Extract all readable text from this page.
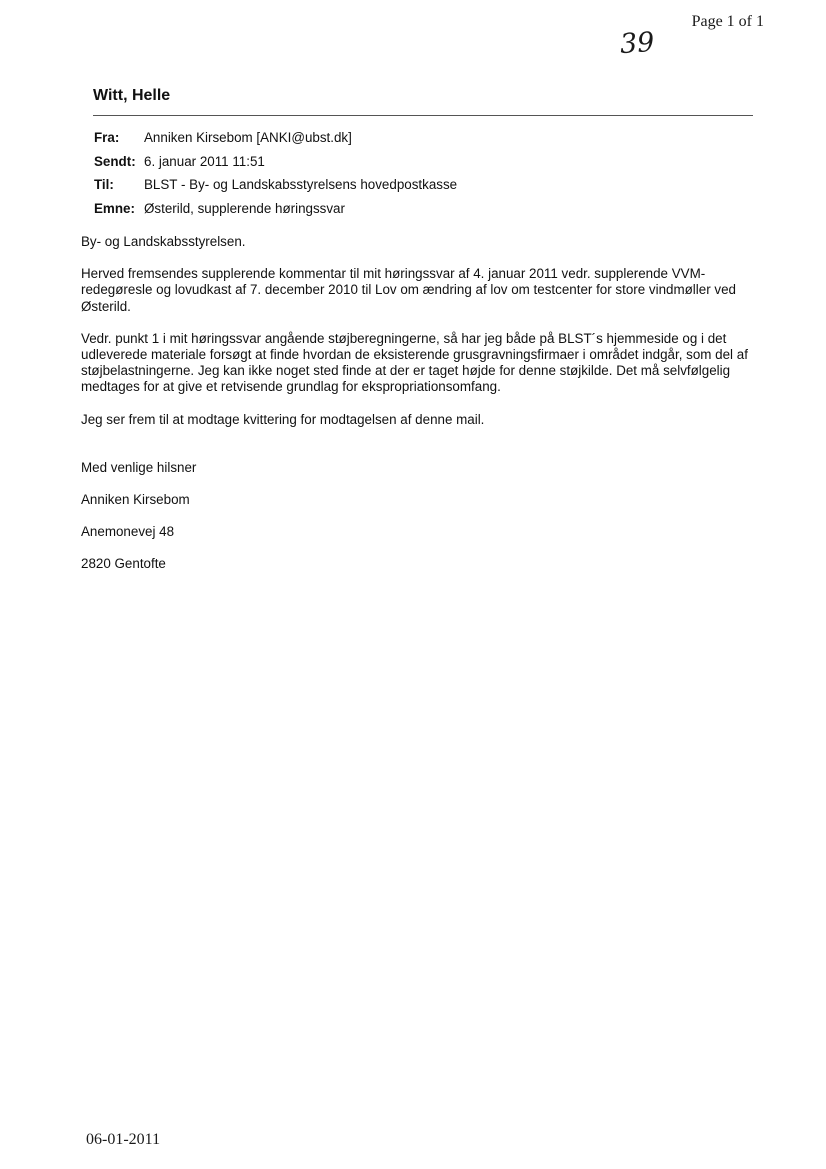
Page 1 of 1
39
Witt, Helle
Fra:	Anniken Kirsebom [ANKI@ubst.dk]
Sendt: 6. januar 2011 11:51
Til:	BLST - By- og Landskabsstyrelsens hovedpostkasse
Emne: Østerild, supplerende høringssvar

By- og Landskabsstyrelsen.

Herved fremsendes supplerende kommentar til mit høringssvar af 4. januar 2011 vedr. supplerende VVM-redegøresle og lovudkast af 7. december 2010 til Lov om ændring af lov om testcenter for store vindmøller ved Østerild.

Vedr. punkt 1 i mit høringssvar angående støjberegningerne, så har jeg både på BLST´s hjemmeside og i det udleverede materiale forsøgt at finde hvordan de eksisterende grusgravningsfirmaer i området indgår, som del af støjbelastningerne. Jeg kan ikke noget sted finde at der er taget højde for denne støjkilde. Det må selvfølgelig medtages for at give et retvisende grundlag for ekspropriationsomfang.

Jeg ser frem til at modtage kvittering for modtagelsen af denne mail.

Med venlige hilsner

Anniken Kirsebom

Anemonevej 48

2820 Gentofte

06-01-2011
